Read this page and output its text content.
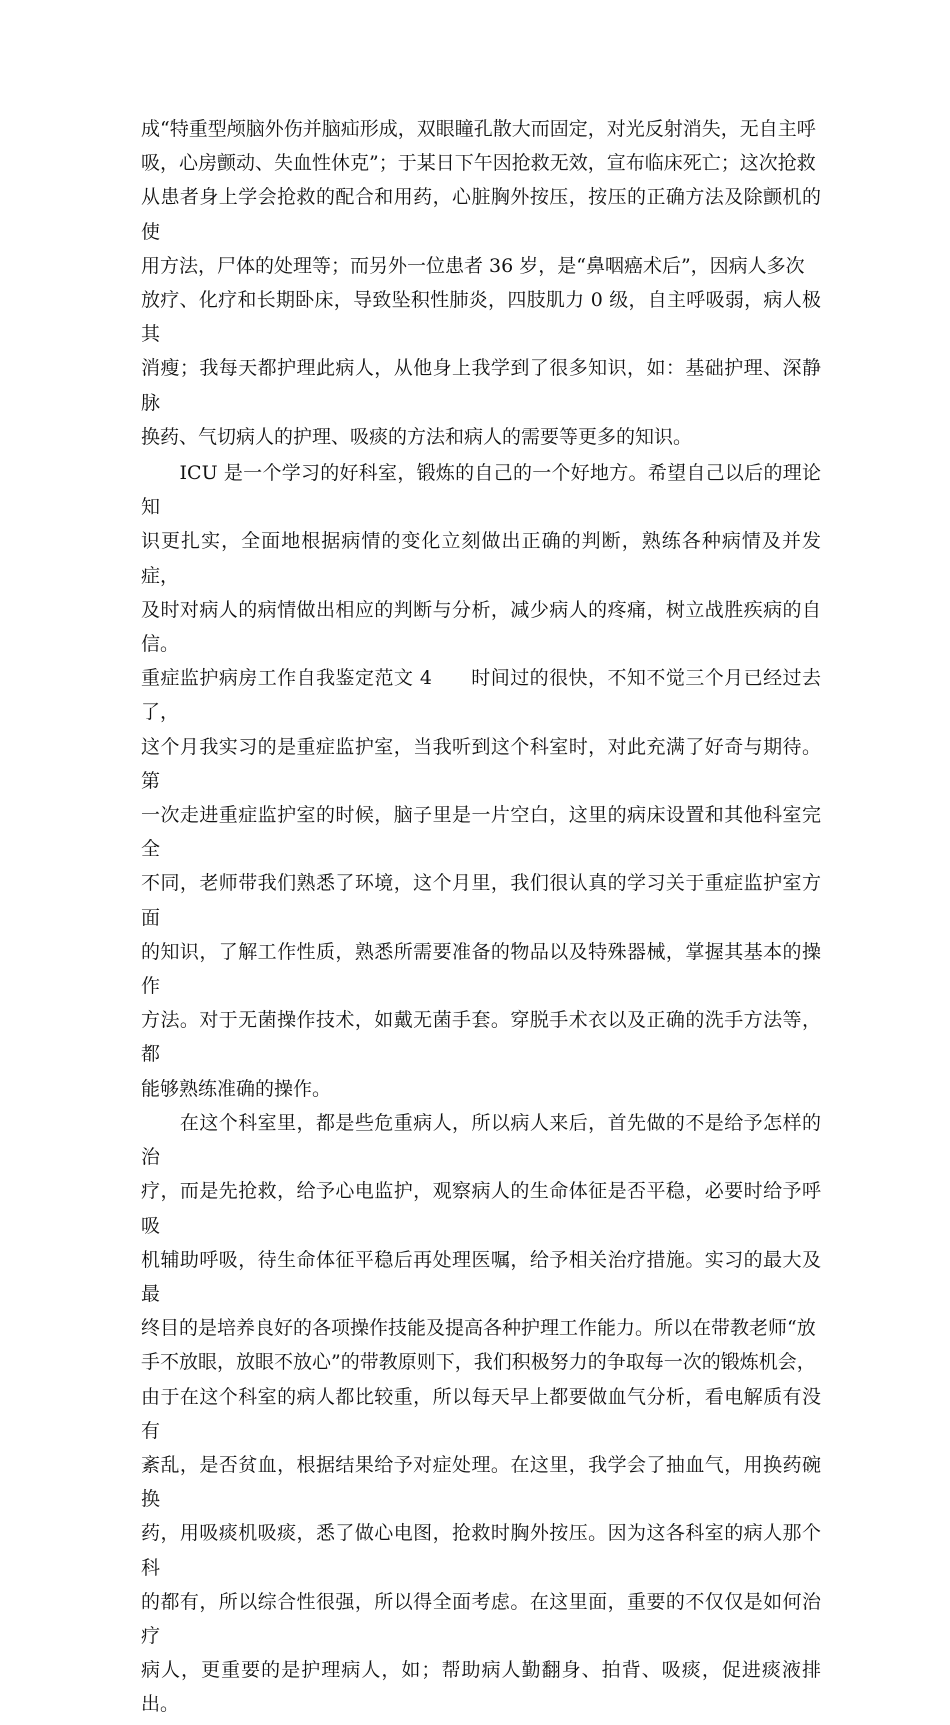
成“特重型颅脑外伤并脑疝形成，双眼瞳孔散大而固定，对光反射消失，无自主呼
吸，心房颤动、失血性休克”；于某日下午因抢救无效，宣布临床死亡；这次抢救
从患者身上学会抢救的配合和用药，心脏胸外按压，按压的正确方法及除颤机的使
用方法，尸体的处理等；而另外一位患者 36 岁，是“鼻咽癌术后”，因病人多次
放疗、化疗和长期卧床，导致坠积性肺炎，四肢肌力 0 级，自主呼吸弱，病人极其
消瘦；我每天都护理此病人，从他身上我学到了很多知识，如：基础护理、深静脉
换药、气切病人的护理、吸痰的方法和病人的需要等更多的知识。

　　ICU 是一个学习的好科室，锻炼的自己的一个好地方。希望自己以后的理论知
识更扎实，全面地根据病情的变化立刻做出正确的判断，熟练各种病情及并发症，
及时对病人的病情做出相应的判断与分析，减少病人的疼痛，树立战胜疾病的自信。
重症监护病房工作自我鉴定范文 4　　时间过的很快，不知不觉三个月已经过去了，
这个月我实习的是重症监护室，当我听到这个科室时，对此充满了好奇与期待。第
一次走进重症监护室的时候，脑子里是一片空白，这里的病床设置和其他科室完全
不同，老师带我们熟悉了环境，这个月里，我们很认真的学习关于重症监护室方面
的知识，了解工作性质，熟悉所需要准备的物品以及特殊器械，掌握其基本的操作
方法。对于无菌操作技术，如戴无菌手套。穿脱手术衣以及正确的洗手方法等，都
能够熟练准确的操作。

　　在这个科室里，都是些危重病人，所以病人来后，首先做的不是给予怎样的治
疗，而是先抢救，给予心电监护，观察病人的生命体征是否平稳，必要时给予呼吸
机辅助呼吸，待生命体征平稳后再处理医嘱，给予相关治疗措施。实习的最大及最
终目的是培养良好的各项操作技能及提高各种护理工作能力。所以在带教老师“放
手不放眼，放眼不放心”的带教原则下，我们积极努力的争取每一次的锻炼机会，
由于在这个科室的病人都比较重，所以每天早上都要做血气分析，看电解质有没有
紊乱，是否贫血，根据结果给予对症处理。在这里，我学会了抽血气，用换药碗换
药，用吸痰机吸痰，悉了做心电图，抢救时胸外按压。因为这各科室的病人那个科
的都有，所以综合性很强，所以得全面考虑。在这里面，重要的不仅仅是如何治疗
病人，更重要的是护理病人，如；帮助病人勤翻身、拍背、吸痰，促进痰液排出。
